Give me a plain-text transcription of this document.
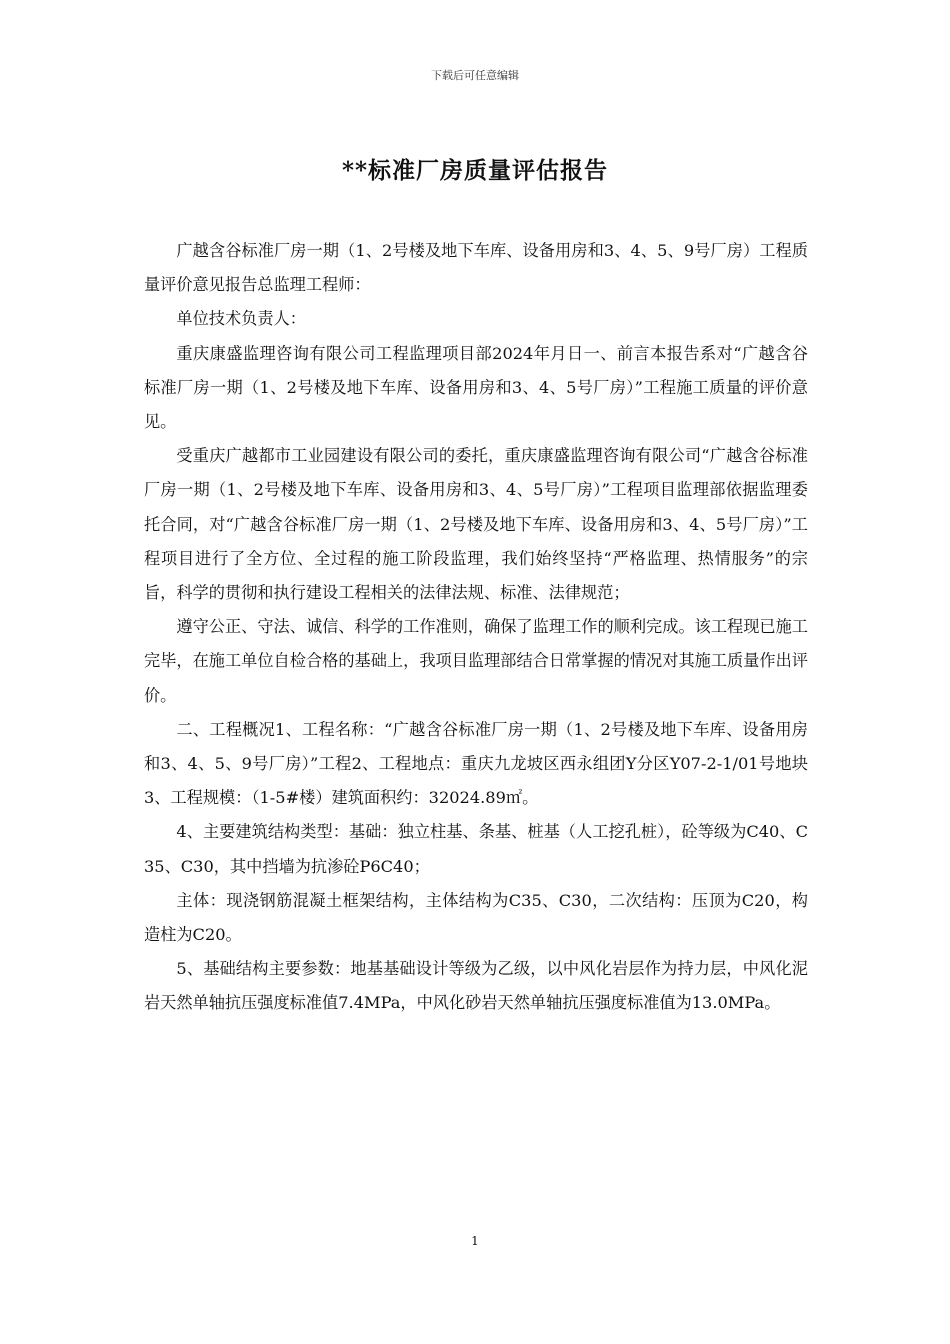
下载后可任意编辑
**标准厂房质量评估报告

广越含谷标准厂房一期（1、2号楼及地下车库、设备用房和3、4、5、9号厂房）工程质量评价意见报告总监理工程师：

单位技术负责人：

重庆康盛监理咨询有限公司工程监理项目部2024年月日一、前言本报告系对“广越含谷标准厂房一期（1、2号楼及地下车库、设备用房和3、4、5号厂房）”工程施工质量的评价意见。

受重庆广越都市工业园建设有限公司的委托，重庆康盛监理咨询有限公司“广越含谷标准厂房一期（1、2号楼及地下车库、设备用房和3、4、5号厂房）”工程项目监理部依据监理委托合同，对“广越含谷标准厂房一期（1、2号楼及地下车库、设备用房和3、4、5号厂房）”工程项目进行了全方位、全过程的施工阶段监理，我们始终坚持“严格监理、热情服务”的宗旨，科学的贯彻和执行建设工程相关的法律法规、标准、法律规范；

遵守公正、守法、诚信、科学的工作准则，确保了监理工作的顺利完成。该工程现已施工完毕，在施工单位自检合格的基础上，我项目监理部结合日常掌握的情况对其施工质量作出评价。

二、工程概况1、工程名称：“广越含谷标准厂房一期（1、2号楼及地下车库、设备用房和3、4、5、9号厂房）”工程2、工程地点：重庆九龙坡区西永组团Y分区Y07-2-1/01号地块3、工程规模：（1-5#楼）建筑面积约：32024.89㎡。

4、主要建筑结构类型：基础：独立柱基、条基、桩基（人工挖孔桩），砼等级为C40、C35、C30，其中挡墙为抗渗砼P6C40；

主体：现浇钢筋混凝土框架结构，主体结构为C35、C30，二次结构：压顶为C20，构造柱为C20。

5、基础结构主要参数：地基基础设计等级为乙级，以中风化岩层作为持力层，中风化泥岩天然单轴抗压强度标准值7.4MPa，中风化砂岩天然单轴抗压强度标准值为13.0MPa。

1
